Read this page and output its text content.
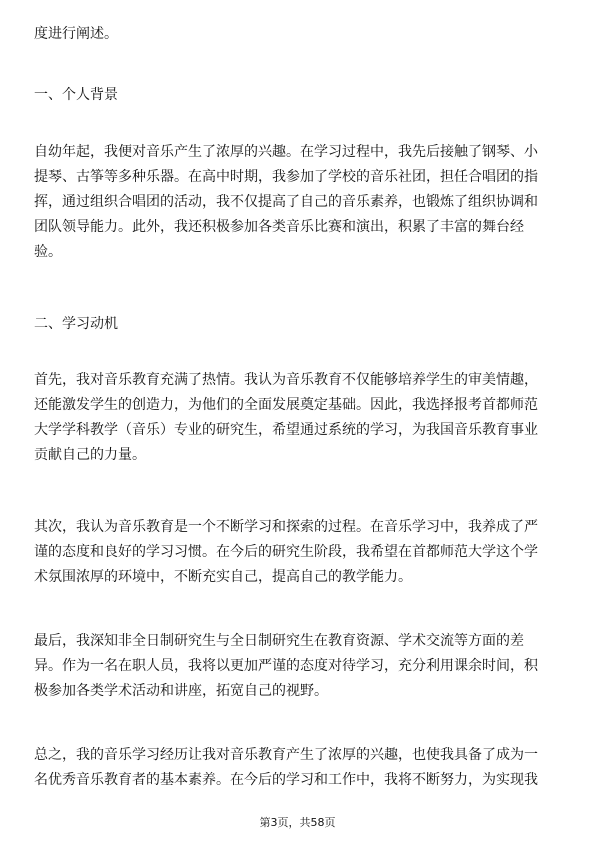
度进行阐述。
一、个人背景
自幼年起，我便对音乐产生了浓厚的兴趣。在学习过程中，我先后接触了钢琴、小
提琴、古筝等多种乐器。在高中时期，我参加了学校的音乐社团，担任合唱团的指
挥，通过组织合唱团的活动，我不仅提高了自己的音乐素养，也锻炼了组织协调和
团队领导能力。此外，我还积极参加各类音乐比赛和演出，积累了丰富的舞台经
验。
二、学习动机
首先，我对音乐教育充满了热情。我认为音乐教育不仅能够培养学生的审美情趣，
还能激发学生的创造力，为他们的全面发展奠定基础。因此，我选择报考首都师范
大学学科教学（音乐）专业的研究生，希望通过系统的学习，为我国音乐教育事业
贡献自己的力量。
其次，我认为音乐教育是一个不断学习和探索的过程。在音乐学习中，我养成了严
谨的态度和良好的学习习惯。在今后的研究生阶段，我希望在首都师范大学这个学
术氛围浓厚的环境中，不断充实自己，提高自己的教学能力。
最后，我深知非全日制研究生与全日制研究生在教育资源、学术交流等方面的差
异。作为一名在职人员，我将以更加严谨的态度对待学习，充分利用课余时间，积
极参加各类学术活动和讲座，拓宽自己的视野。
总之，我的音乐学习经历让我对音乐教育产生了浓厚的兴趣，也使我具备了成为一
名优秀音乐教育者的基本素养。在今后的学习和工作中，我将不断努力，为实现我
第3页，共58页
